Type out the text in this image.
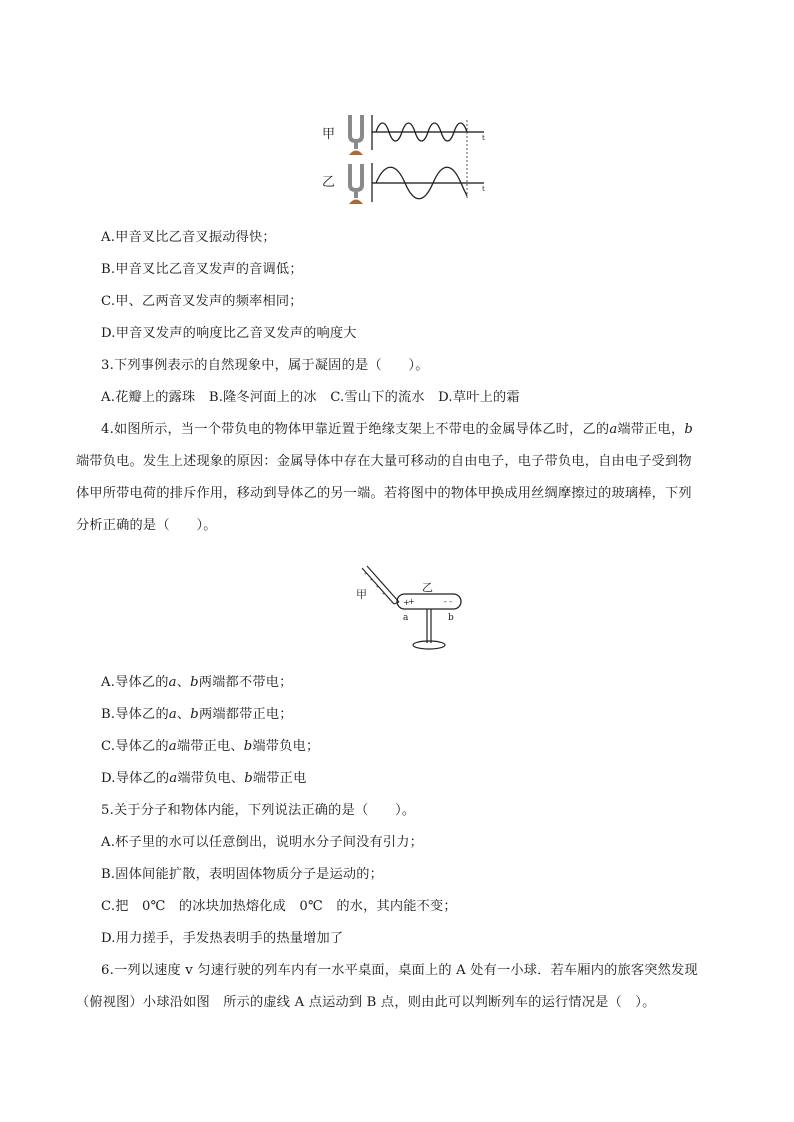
甲
乙
t
t
A.甲音叉比乙音叉振动得快；
B.甲音叉比乙音叉发声的音调低；
C.甲、乙两音叉发声的频率相同；
D.甲音叉发声的响度比乙音叉发声的响度大
3.下列事例表示的自然现象中，属于凝固的是（　　）。
A.花瓣上的露珠　B.隆冬河面上的冰　C.雪山下的流水　D.草叶上的霜
4.如图所示，当一个带负电的物体甲靠近置于绝缘支架上不带电的金属导体乙时，乙的a端带正电，b
端带负电。发生上述现象的原因：金属导体中存在大量可移动的自由电子，电子带负电，自由电子受到物
体甲所带电荷的排斥作用，移动到导体乙的另一端。若将图中的物体甲换成用丝绸摩擦过的玻璃棒，下列
分析正确的是（　　）。
-
-
-
-
甲
+
+	- -
乙
a	b
A.导体乙的a、b两端都不带电；
B.导体乙的a、b两端都带正电；
C.导体乙的a端带正电、b端带负电；
D.导体乙的a端带负电、b端带正电
5.关于分子和物体内能，下列说法正确的是（　　）。
A.杯子里的水可以任意倒出，说明水分子间没有引力；
B.固体间能扩散，表明固体物质分子是运动的；
C.把　0℃　的冰块加热熔化成　0℃　的水，其内能不变；
D.用力搓手，手发热表明手的热量增加了
6.一列以速度 v 匀速行驶的列车内有一水平桌面，桌面上的 A 处有一小球．若车厢内的旅客突然发现
（俯视图）小球沿如图　所示的虚线 A 点运动到 B 点，则由此可以判断列车的运行情况是（　）。
